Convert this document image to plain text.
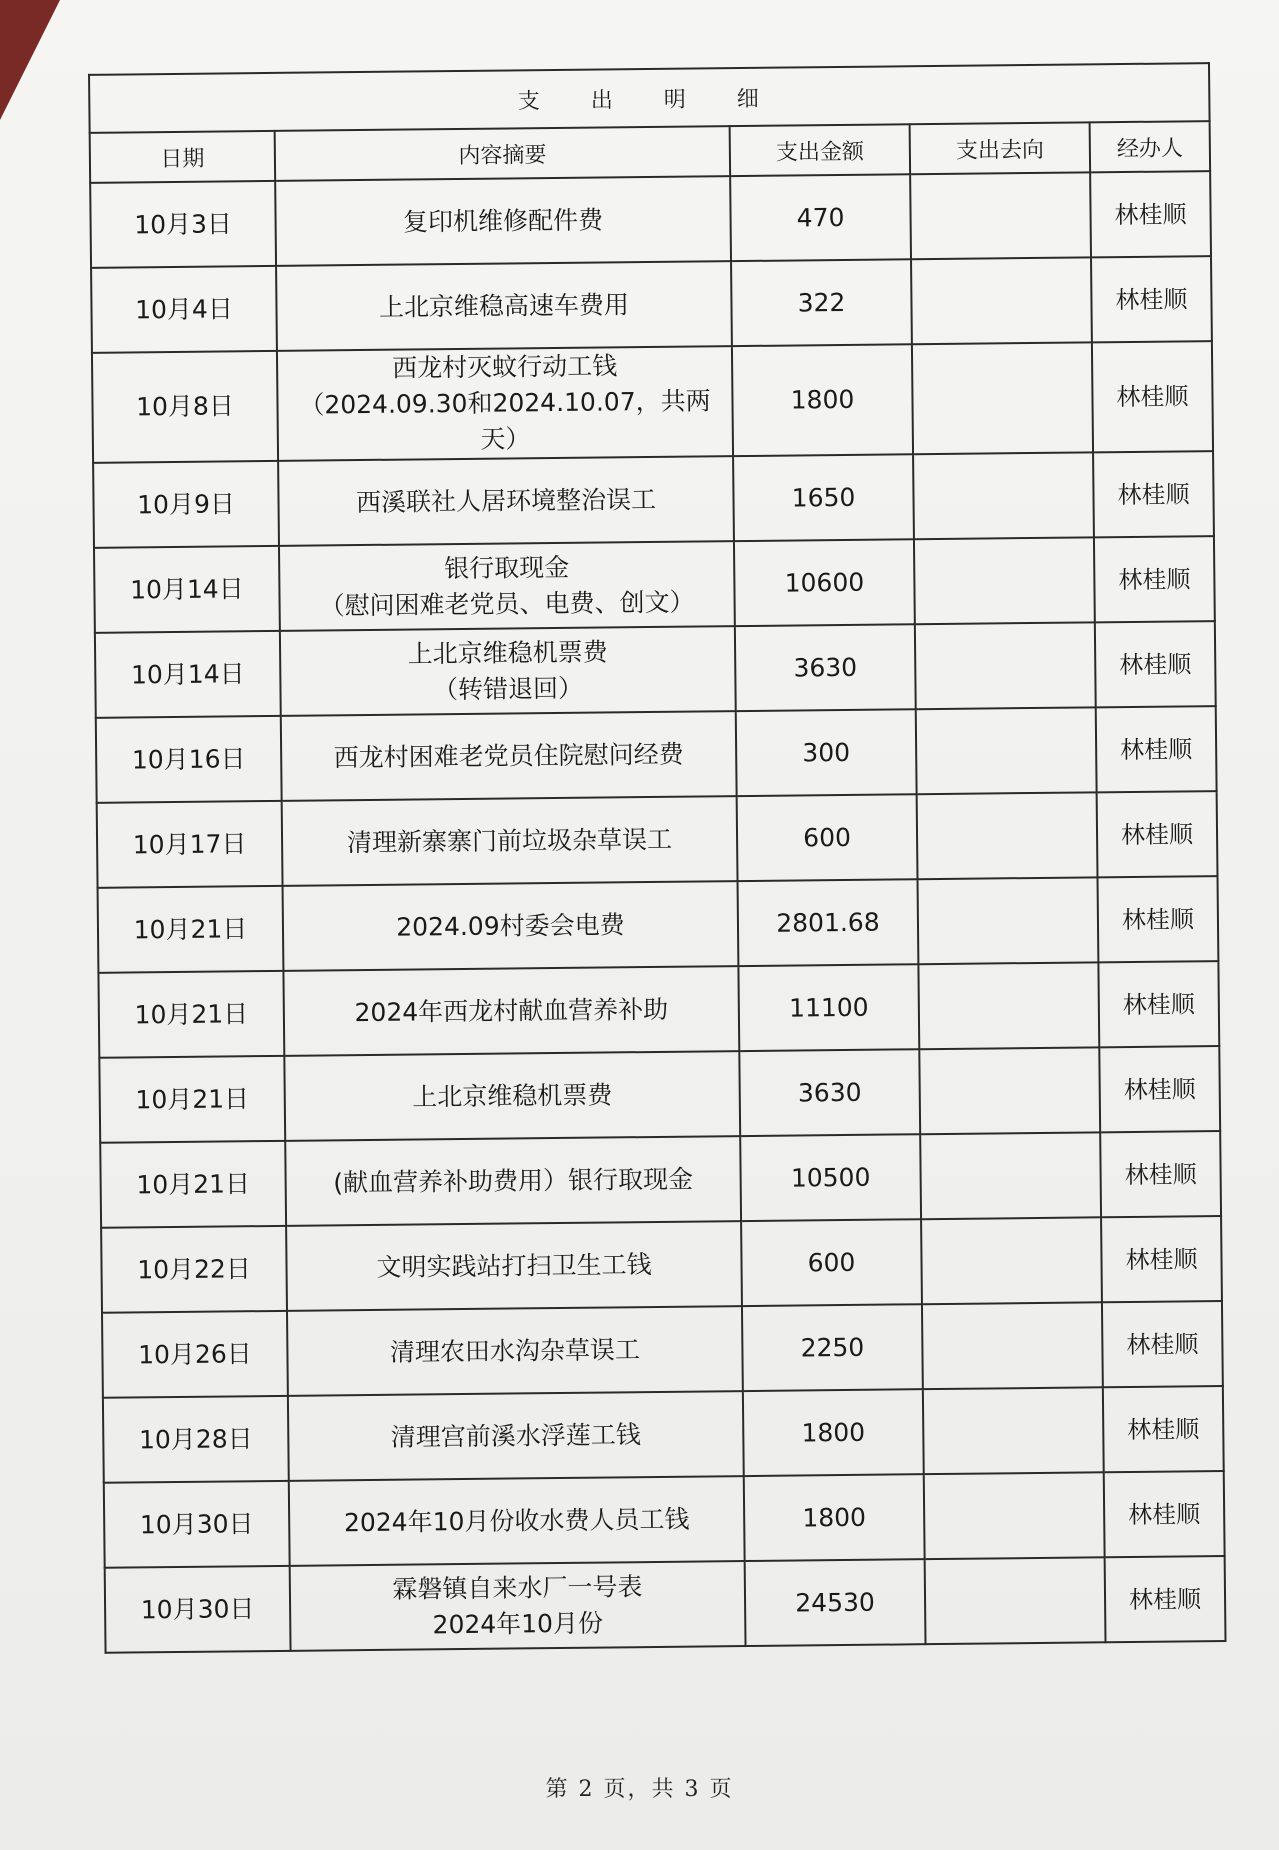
支 出 明 细				
日期	内容摘要	支出金额	支出去向	经办人
10月3日	复印机维修配件费	470		林桂顺
10月4日	上北京维稳高速车费用	322		林桂顺
10月8日	西龙村灭蚊行动工钱
（2024.09.30和2024.10.07，共两天）	1800		林桂顺
10月9日	西溪联社人居环境整治误工	1650		林桂顺
10月14日	银行取现金
（慰问困难老党员、电费、创文）	10600		林桂顺
10月14日	上北京维稳机票费
（转错退回）	3630		林桂顺
10月16日	西龙村困难老党员住院慰问经费	300		林桂顺
10月17日	清理新寨寨门前垃圾杂草误工	600		林桂顺
10月21日	2024.09村委会电费	2801.68		林桂顺
10月21日	2024年西龙村献血营养补助	11100		林桂顺
10月21日	上北京维稳机票费	3630		林桂顺
10月21日	(献血营养补助费用）银行取现金	10500		林桂顺
10月22日	文明实践站打扫卫生工钱	600		林桂顺
10月26日	清理农田水沟杂草误工	2250		林桂顺
10月28日	清理宫前溪水浮莲工钱	1800		林桂顺
10月30日	2024年10月份收水费人员工钱	1800		林桂顺
10月30日	霖磐镇自来水厂一号表
2024年10月份	24530		林桂顺
第 2 页，共 3 页
